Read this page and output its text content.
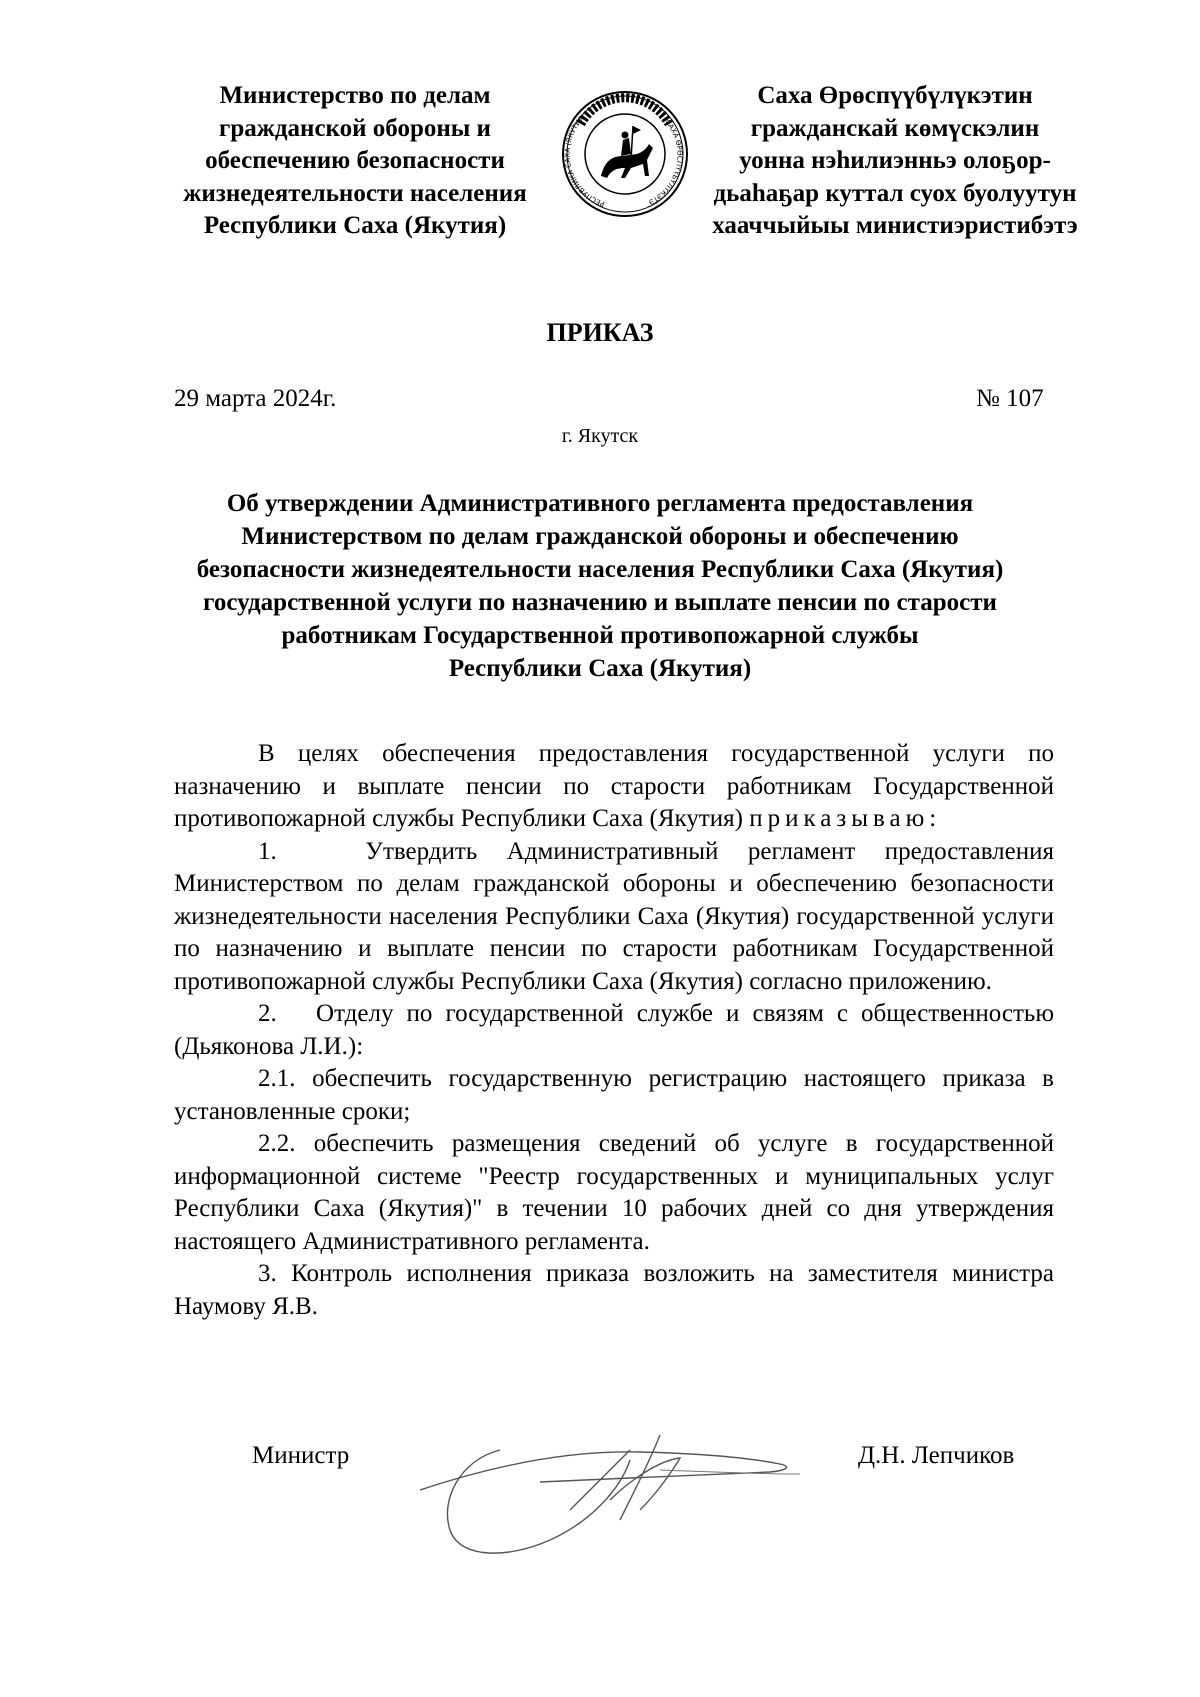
Министерство по делам
гражданской обороны и
обеспечению безопасности
жизнедеятельности населения
Республики Саха (Якутия)
РЕСПУБЛИКА САХА (ЯКУТИЯ	САХА ӨРӨСПҮҮБҮЛҮКЭТЭ
Саха Өрөспүүбүлүкэтин
гражданскай көмүскэлин
уонна нэһилиэнньэ олоҕор-
дьаһаҕар куттал суох буолуутун
хааччыйыы министиэристибэтэ
ПРИКАЗ
29 марта 2024г.	№ 107
г. Якутск
Об утверждении Административного регламента предоставления
Министерством по делам гражданской обороны и обеспечению
безопасности жизнедеятельности населения Республики Саха (Якутия)
государственной услуги по назначению и выплате пенсии по старости
работникам Государственной противопожарной службы
Республики Саха (Якутия)

В целях обеспечения предоставления государственной услуги по назначению и выплате пенсии по старости работникам Государственной противопожарной службы Республики Саха (Якутия) приказываю:

1.   Утвердить Административный регламент предоставления Министерством по делам гражданской обороны и обеспечению безопасности жизнедеятельности населения Республики Саха (Якутия) государственной услуги по назначению и выплате пенсии по старости работникам Государственной противопожарной службы Республики Саха (Якутия) согласно приложению.

2.   Отделу по государственной службе и связям с общественностью (Дьяконова Л.И.):

2.1. обеспечить государственную регистрацию настоящего приказа в установленные сроки;

2.2. обеспечить размещения сведений об услуге в государственной информационной системе "Реестр государственных и муниципальных услуг Республики Саха (Якутия)" в течении 10 рабочих дней со дня утверждения настоящего Административного регламента.

3. Контроль исполнения приказа возложить на заместителя министра Наумову Я.В.

Министр	Д.Н. Лепчиков
